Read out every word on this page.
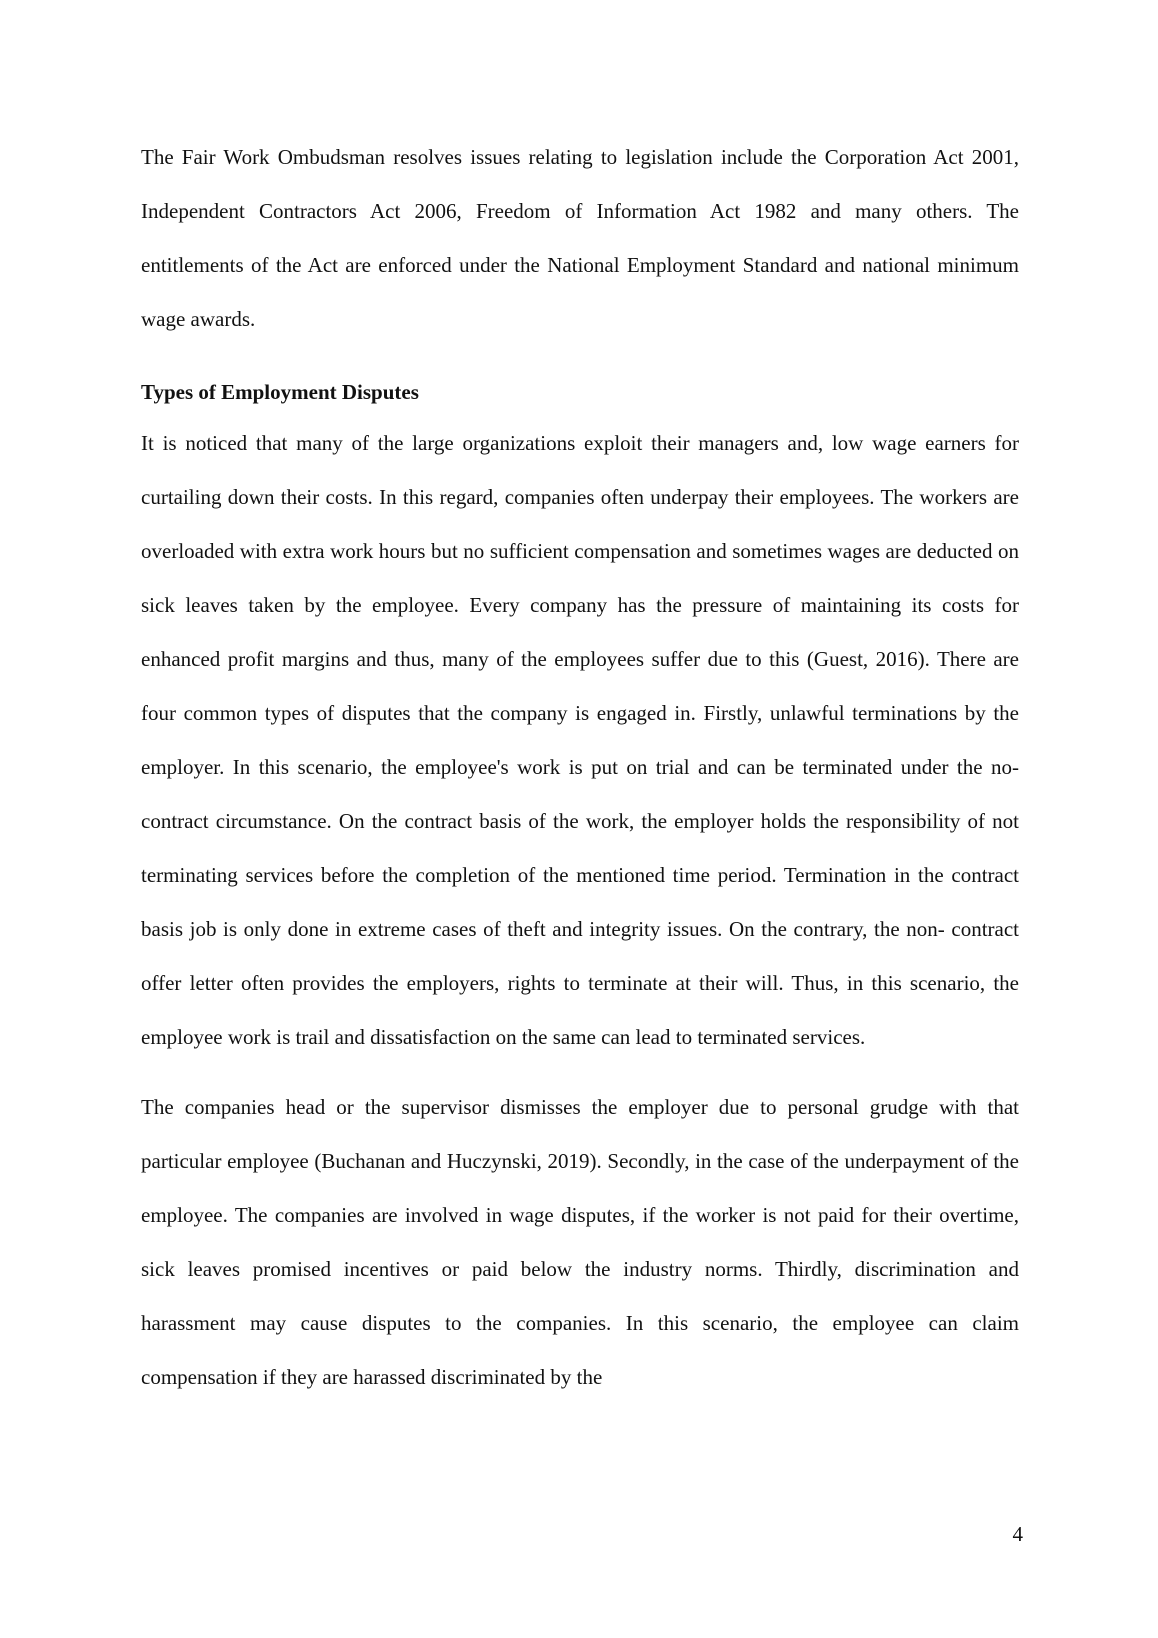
The Fair Work Ombudsman resolves issues relating to legislation include the Corporation Act 2001, Independent Contractors Act 2006, Freedom of Information Act 1982 and many others. The entitlements of the Act are enforced under the National Employment Standard and national minimum wage awards.

Types of Employment Disputes

It is noticed that many of the large organizations exploit their managers and, low wage earners for curtailing down their costs. In this regard, companies often underpay their employees. The workers are overloaded with extra work hours but no sufficient compensation and sometimes wages are deducted on sick leaves taken by the employee. Every company has the pressure of maintaining its costs for enhanced profit margins and thus, many of the employees suffer due to this (Guest, 2016). There are four common types of disputes that the company is engaged in. Firstly, unlawful terminations by the employer. In this scenario, the employee's work is put on trial and can be terminated under the no-contract circumstance. On the contract basis of the work, the employer holds the responsibility of not terminating services before the completion of the mentioned time period. Termination in the contract basis job is only done in extreme cases of theft and integrity issues. On the contrary, the non- contract offer letter often provides the employers, rights to terminate at their will. Thus, in this scenario, the employee work is trail and dissatisfaction on the same can lead to terminated services.

The companies head or the supervisor dismisses the employer due to personal grudge with that particular employee (Buchanan and Huczynski, 2019). Secondly, in the case of the underpayment of the employee. The companies are involved in wage disputes, if the worker is not paid for their overtime, sick leaves promised incentives or paid below the industry norms. Thirdly, discrimination and harassment may cause disputes to the companies. In this scenario, the employee can claim compensation if they are harassed discriminated by the

4
